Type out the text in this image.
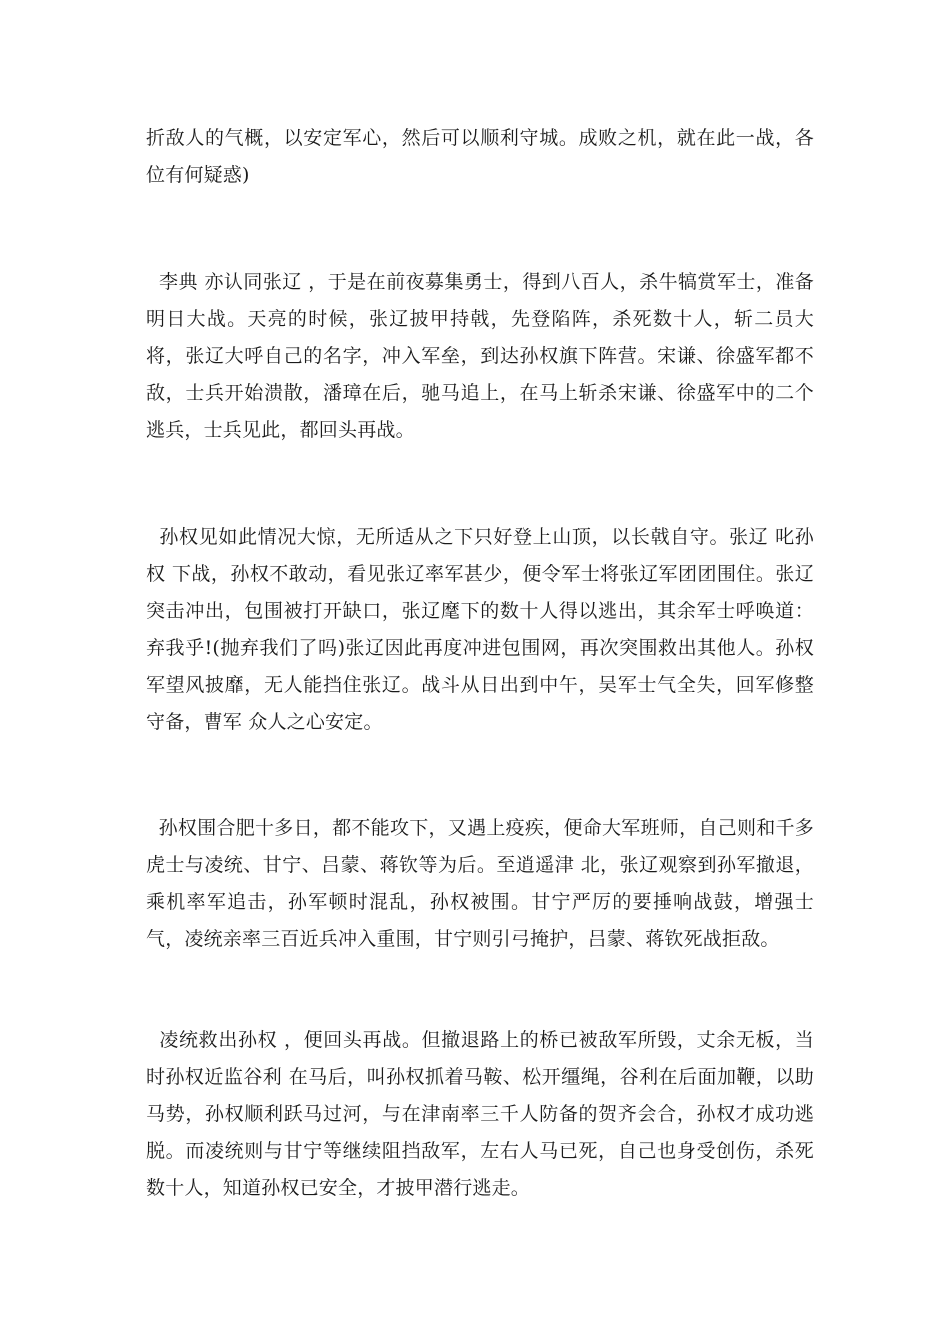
折敌人的气概，以安定军心，然后可以顺利守城。成败之机，就在此一战，各位有何疑惑)

李典 亦认同张辽 ，于是在前夜募集勇士，得到八百人，杀牛犒赏军士，准备明日大战。天亮的时候，张辽披甲持戟，先登陷阵，杀死数十人，斩二员大将，张辽大呼自己的名字，冲入军垒，到达孙权旗下阵营。宋谦、徐盛军都不敌，士兵开始溃散，潘璋在后，驰马追上，在马上斩杀宋谦、徐盛军中的二个逃兵，士兵见此，都回头再战。

孙权见如此情况大惊，无所适从之下只好登上山顶，以长戟自守。张辽 叱孙权 下战，孙权不敢动，看见张辽率军甚少，便令军士将张辽军团团围住。张辽突击冲出，包围被打开缺口，张辽麾下的数十人得以逃出，其余军士呼唤道：弃我乎!(抛弃我们了吗)张辽因此再度冲进包围网，再次突围救出其他人。孙权军望风披靡，无人能挡住张辽。战斗从日出到中午，吴军士气全失，回军修整守备，曹军 众人之心安定。

孙权围合肥十多日，都不能攻下，又遇上疫疾，便命大军班师，自己则和千多虎士与凌统、甘宁、吕蒙、蒋钦等为后。至逍遥津 北，张辽观察到孙军撤退，乘机率军追击，孙军顿时混乱，孙权被围。甘宁严厉的要捶响战鼓，增强士气，凌统亲率三百近兵冲入重围，甘宁则引弓掩护，吕蒙、蒋钦死战拒敌。

凌统救出孙权 ，便回头再战。但撤退路上的桥已被敌军所毁，丈余无板，当时孙权近监谷利 在马后，叫孙权抓着马鞍、松开缰绳，谷利在后面加鞭，以助马势，孙权顺利跃马过河，与在津南率三千人防备的贺齐会合，孙权才成功逃脱。而凌统则与甘宁等继续阻挡敌军，左右人马已死，自己也身受创伤，杀死数十人，知道孙权已安全，才披甲潜行逃走。
